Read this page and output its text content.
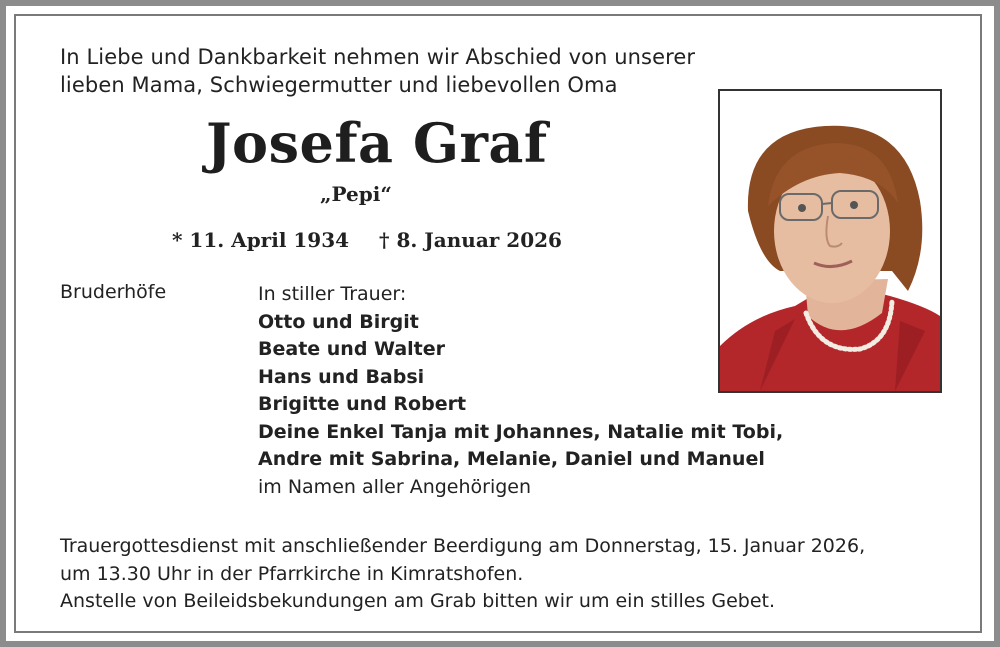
In Liebe und Dankbarkeit nehmen wir Abschied von unserer
lieben Mama, Schwiegermutter und liebevollen Oma
Josefa Graf
„Pepi“
* 11. April 1934 † 8. Januar 2026
Bruderhöfe	In stiller Trauer:
Otto und Birgit
Beate und Walter
Hans und Babsi
Brigitte und Robert
Deine Enkel Tanja mit Johannes, Natalie mit Tobi,
Andre mit Sabrina, Melanie, Daniel und Manuel
im Namen aller Angehörigen
Trauergottesdienst mit anschließender Beerdigung am Donnerstag, 15. Januar 2026,
um 13.30 Uhr in der Pfarrkirche in Kimratshofen.
Anstelle von Beileidsbekundungen am Grab bitten wir um ein stilles Gebet.
